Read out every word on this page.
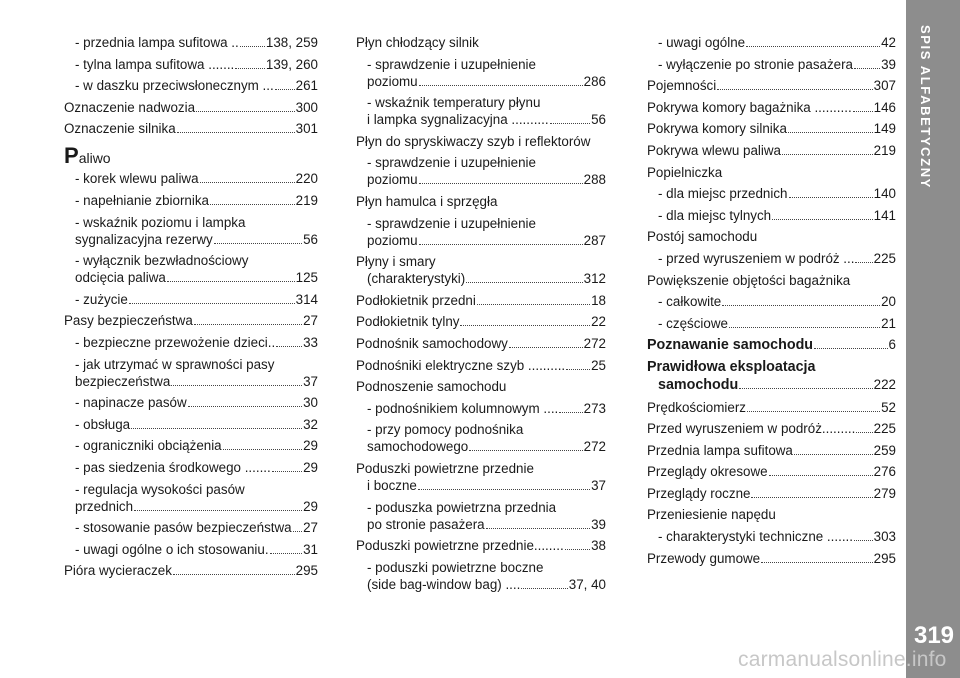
- przednia lampa sufitowa .. 138, 259
- tylna lampa sufitowa ....... 139, 260
- w daszku przeciwsłonecznym ... 261
Oznaczenie nadwozia	300
Oznaczenie silnika	301
Paliwo
- korek wlewu paliwa	220
- napełnianie zbiornika	219
- wskaźnik poziomu i lampka
sygnalizacyjna rezerwy	56
- wyłącznik bezwładnościowy
odcięcia paliwa	125
- zużycie	314
Pasy bezpieczeństwa	27
- bezpieczne przewożenie dzieci.. 33
- jak utrzymać w sprawności pasy
bezpieczeństwa	37
- napinacze pasów	30
- obsługa	32
- ograniczniki obciążenia	29
- pas siedzenia środkowego ....... 29
- regulacja wysokości pasów
przednich	29
- stosowanie pasów bezpieczeństwa 27
- uwagi ogólne o ich stosowaniu.	31
Pióra wycieraczek	295
Płyn chłodzący silnik
- sprawdzenie i uzupełnienie
poziomu	286
- wskaźnik temperatury płynu
i lampka sygnalizacyjna ..........	56
Płyn do spryskiwaczy szyb i reflektorów
- sprawdzenie i uzupełnienie
poziomu	288
Płyn hamulca i sprzęgła
- sprawdzenie i uzupełnienie
poziomu	287
Płyny i smary
(charakterystyki)	312
Podłokietnik przedni	18
Podłokietnik tylny	22
Podnośnik samochodowy	272
Podnośniki elektryczne szyb .......... 25
Podnoszenie samochodu
- podnośnikiem kolumnowym .... 273
- przy pomocy podnośnika
samochodowego	272
Poduszki powietrzne przednie
i boczne	37
- poduszka powietrzna przednia
po stronie pasażera	39
Poduszki powietrzne przednie........ 38
- poduszki powietrzne boczne
(side bag-window bag) ....	37, 40
- uwagi ogólne	42
- wyłączenie po stronie pasażera 39
Pojemności	307
Pokrywa komory bagażnika .......... 146
Pokrywa komory silnika	149
Pokrywa wlewu paliwa	219
Popielniczka
- dla miejsc przednich	140
- dla miejsc tylnych	141
Postój samochodu
- przed wyruszeniem w podróż ... 225
Powiększenie objętości bagażnika
- całkowite	20
- częściowe	21
Poznawanie samochodu	6
Prawidłowa eksploatacja
samochodu	222
Prędkościomierz	52
Przed wyruszeniem w podróż......... 225
Przednia lampa sufitowa	259
Przeglądy okresowe	276
Przeglądy roczne	279
Przeniesienie napędu
- charakterystyki techniczne ....... 303
Przewody gumowe	295
SPIS ALFABETYCZNY
319
carmanualsonline.info
